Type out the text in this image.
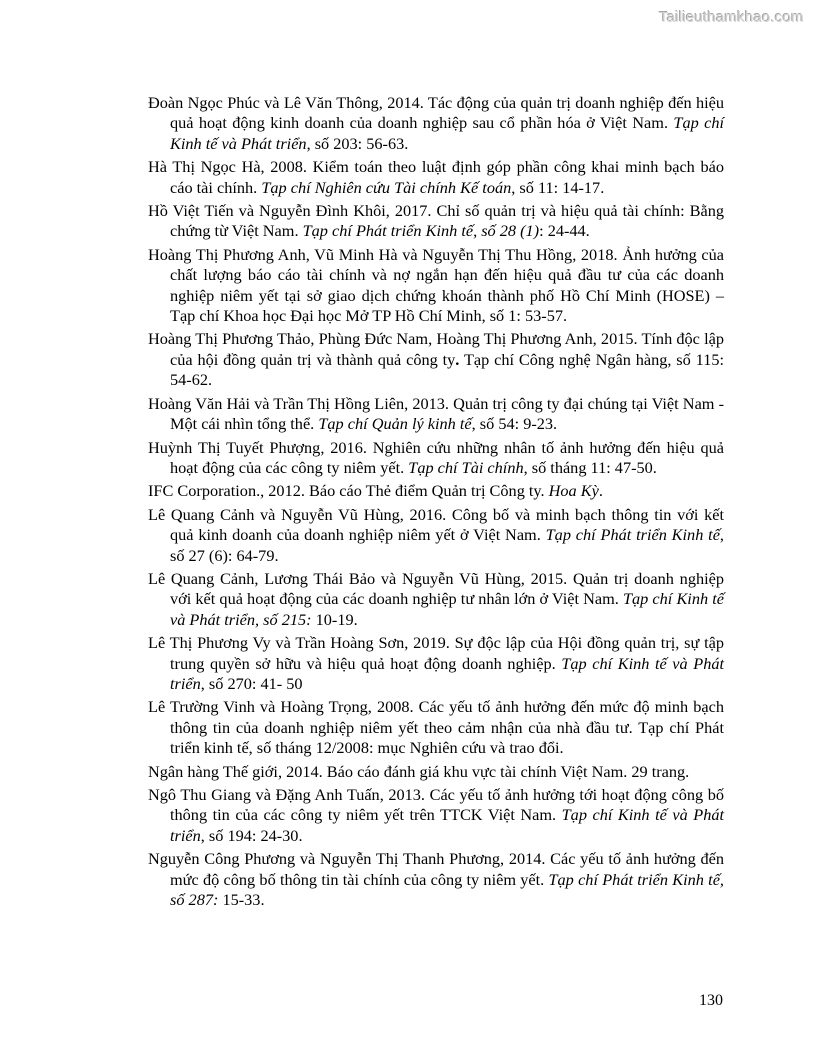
Tailieuthamkhao.com

Đoàn Ngọc Phúc và Lê Văn Thông, 2014. Tác động của quản trị doanh nghiệp đến hiệu quả hoạt động kinh doanh của doanh nghiệp sau cổ phần hóa ở Việt Nam. Tạp chí Kinh tế và Phát triển, số 203: 56-63.

Hà Thị Ngọc Hà, 2008. Kiểm toán theo luật định góp phần công khai minh bạch báo cáo tài chính. Tạp chí Nghiên cứu Tài chính Kế toán, số 11: 14-17.

Hồ Việt Tiến và Nguyễn Đình Khôi, 2017. Chỉ số quản trị và hiệu quả tài chính: Bằng chứng từ Việt Nam. Tạp chí Phát triển Kinh tế, số 28 (1): 24-44.

Hoàng Thị Phương Anh, Vũ Minh Hà và Nguyễn Thị Thu Hồng, 2018. Ảnh hưởng của chất lượng báo cáo tài chính và nợ ngắn hạn đến hiệu quả đầu tư của các doanh nghiệp niêm yết tại sở giao dịch chứng khoán thành phố Hồ Chí Minh (HOSE) – Tạp chí Khoa học Đại học Mở TP Hồ Chí Minh, số 1: 53-57.

Hoàng Thị Phương Thảo, Phùng Đức Nam, Hoàng Thị Phương Anh, 2015. Tính độc lập của hội đồng quản trị và thành quả công ty. Tạp chí Công nghệ Ngân hàng, số 115: 54-62.

Hoàng Văn Hải và Trần Thị Hồng Liên, 2013. Quản trị công ty đại chúng tại Việt Nam - Một cái nhìn tổng thể. Tạp chí Quản lý kinh tế, số 54: 9-23.

Huỳnh Thị Tuyết Phượng, 2016. Nghiên cứu những nhân tố ảnh hưởng đến hiệu quả hoạt động của các công ty niêm yết. Tạp chí Tài chính, số tháng 11: 47-50.

IFC Corporation., 2012. Báo cáo Thẻ điểm Quản trị Công ty. Hoa Kỳ.

Lê Quang Cảnh và Nguyễn Vũ Hùng, 2016. Công bố và minh bạch thông tin với kết quả kinh doanh của doanh nghiệp niêm yết ở Việt Nam. Tạp chí Phát triển Kinh tế, số 27 (6): 64-79.

Lê Quang Cảnh, Lương Thái Bảo và Nguyễn Vũ Hùng, 2015. Quản trị doanh nghiệp với kết quả hoạt động của các doanh nghiệp tư nhân lớn ở Việt Nam. Tạp chí Kinh tế và Phát triển, số 215: 10-19.

Lê Thị Phương Vy và Trần Hoàng Sơn, 2019. Sự độc lập của Hội đồng quản trị, sự tập trung quyền sở hữu và hiệu quả hoạt động doanh nghiệp. Tạp chí Kinh tế và Phát triển, số 270: 41- 50

Lê Trường Vinh và Hoàng Trọng, 2008. Các yếu tố ảnh hưởng đến mức độ minh bạch thông tin của doanh nghiệp niêm yết theo cảm nhận của nhà đầu tư. Tạp chí Phát triển kinh tế, số tháng 12/2008: mục Nghiên cứu và trao đổi.

Ngân hàng Thế giới, 2014. Báo cáo đánh giá khu vực tài chính Việt Nam. 29 trang.

Ngô Thu Giang và Đặng Anh Tuấn, 2013. Các yếu tố ảnh hưởng tới hoạt động công bố thông tin của các công ty niêm yết trên TTCK Việt Nam. Tạp chí Kinh tế và Phát triển, số 194: 24-30.

Nguyễn Công Phương và Nguyễn Thị Thanh Phương, 2014. Các yếu tố ảnh hưởng đến mức độ công bố thông tin tài chính của công ty niêm yết. Tạp chí Phát triển Kinh tế, số 287: 15-33.

130
